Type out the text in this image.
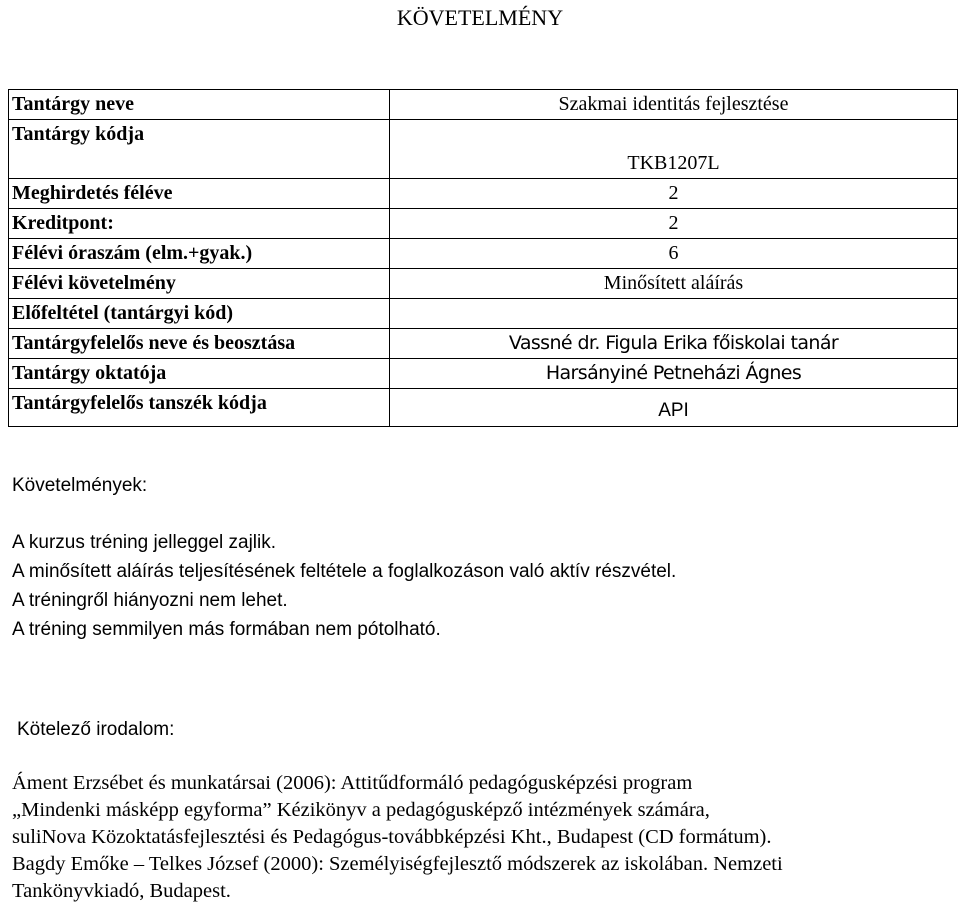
KÖVETELMÉNY
Tantárgy neve	Szakmai identitás fejlesztése
Tantárgy kódja	TKB1207L
Meghirdetés féléve	2
Kreditpont:	2
Félévi óraszám (elm.+gyak.)	6
Félévi követelmény	Minősített aláírás
Előfeltétel (tantárgyi kód)	
Tantárgyfelelős neve és beosztása	Vassné dr. Figula Erika főiskolai tanár
Tantárgy oktatója	Harsányiné Petneházi Ágnes
Tantárgyfelelős tanszék kódja	API
Követelmények:
A kurzus tréning jelleggel zajlik.
A minősített aláírás teljesítésének feltétele a foglalkozáson való aktív részvétel.
A tréningről hiányozni nem lehet.
A tréning semmilyen más formában nem pótolható.
Kötelező irodalom:
Áment Erzsébet és munkatársai (2006): Attitűdformáló pedagógusképzési program
„Mindenki másképp egyforma” Kézikönyv a pedagógusképző intézmények számára,
suliNova Közoktatásfejlesztési és Pedagógus-továbbképzési Kht., Budapest (CD formátum).
Bagdy Emőke – Telkes József (2000): Személyiségfejlesztő módszerek az iskolában. Nemzeti
Tankönyvkiadó, Budapest.
